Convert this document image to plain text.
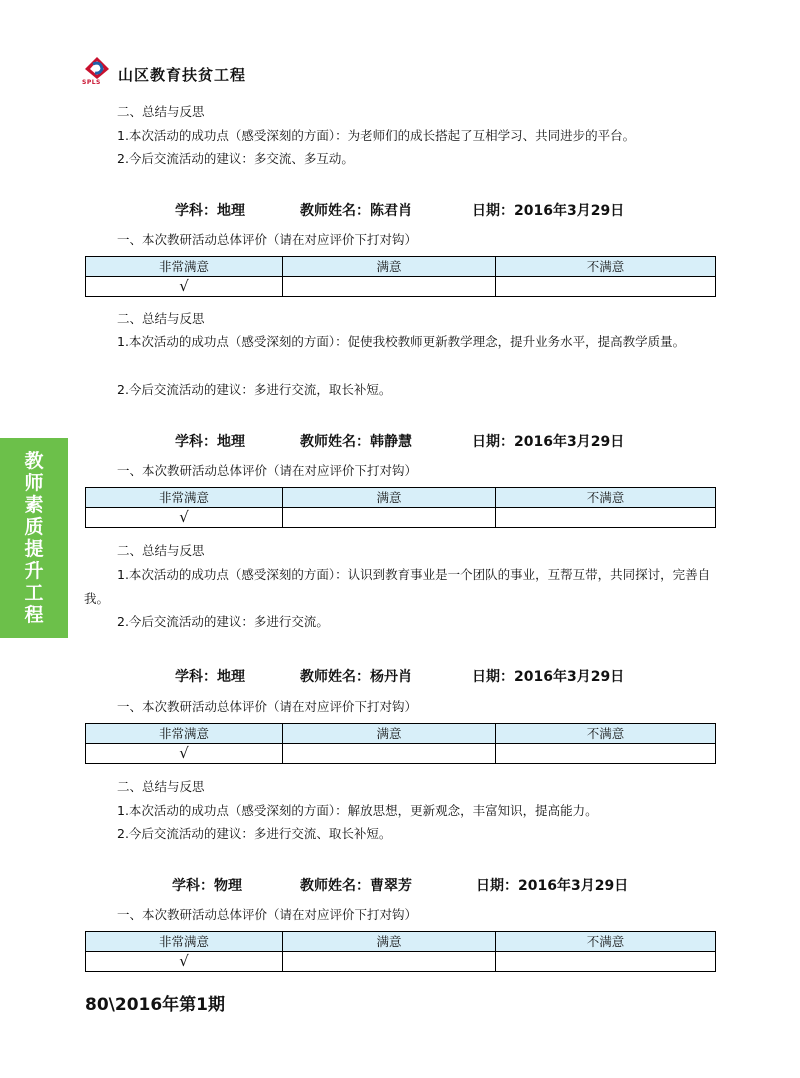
SPLS 山区教育扶贫工程
二、总结与反思
1.本次活动的成功点（感受深刻的方面）：为老师们的成长搭起了互相学习、共同进步的平台。
2.今后交流活动的建议：多交流、多互动。
学科：地理	教师姓名：陈君肖	日期：2016年3月29日
一、本次教研活动总体评价（请在对应评价下打对钩）
非常满意	满意	不满意
√		
二、总结与反思
1.本次活动的成功点（感受深刻的方面）：促使我校教师更新教学理念，提升业务水平，提高教学质量。
2.今后交流活动的建议：多进行交流，取长补短。
学科：地理	教师姓名：韩静慧	日期：2016年3月29日
一、本次教研活动总体评价（请在对应评价下打对钩）
非常满意	满意	不满意
√		
二、总结与反思
1.本次活动的成功点（感受深刻的方面）：认识到教育事业是一个团队的事业，互帮互带，共同探讨，完善自我。
2.今后交流活动的建议：多进行交流。
学科：地理	教师姓名：杨丹肖	日期：2016年3月29日
一、本次教研活动总体评价（请在对应评价下打对钩）
非常满意	满意	不满意
√		
二、总结与反思
1.本次活动的成功点（感受深刻的方面）：解放思想，更新观念，丰富知识，提高能力。
2.今后交流活动的建议：多进行交流、取长补短。
学科：物理	教师姓名：曹翠芳	日期：2016年3月29日
一、本次教研活动总体评价（请在对应评价下打对钩）
非常满意	满意	不满意
√		
教
师
素
质
提
升
工
程
80\2016年第1期
